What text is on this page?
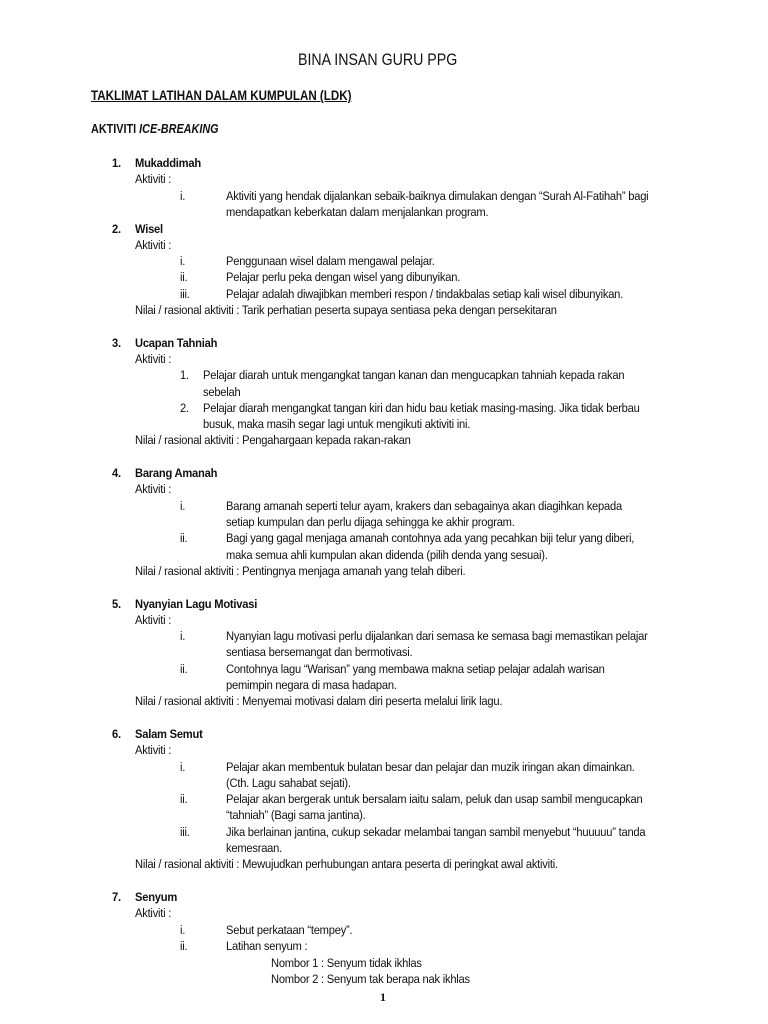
BINA INSAN GURU PPG
TAKLIMAT LATIHAN DALAM KUMPULAN (LDK)
AKTIVITI ICE-BREAKING
1. Mukaddimah
Aktiviti :
i.	Aktiviti yang hendak dijalankan sebaik-baiknya dimulakan dengan “Surah Al-Fatihah” bagi
mendapatkan keberkatan dalam menjalankan program.
2. Wisel
Aktiviti :
i.	Penggunaan wisel dalam mengawal pelajar.
ii.	Pelajar perlu peka dengan wisel yang dibunyikan.
iii.	Pelajar adalah diwajibkan memberi respon / tindakbalas setiap kali wisel dibunyikan.
Nilai / rasional aktiviti : Tarik perhatian peserta supaya sentiasa peka dengan persekitaran
3. Ucapan Tahniah
Aktiviti :
1. Pelajar diarah untuk mengangkat tangan kanan dan mengucapkan tahniah kepada rakan
sebelah
2. Pelajar diarah mengangkat tangan kiri dan hidu bau ketiak masing-masing. Jika tidak berbau
busuk, maka masih segar lagi untuk mengikuti aktiviti ini.
Nilai / rasional aktiviti : Pengahargaan kepada rakan-rakan
4. Barang Amanah
Aktiviti :
i.	Barang amanah seperti telur ayam, krakers dan sebagainya akan diagihkan kepada
setiap kumpulan dan perlu dijaga sehingga ke akhir program.
ii.	Bagi yang gagal menjaga amanah contohnya ada yang pecahkan biji telur yang diberi,
maka semua ahli kumpulan akan didenda (pilih denda yang sesuai).
Nilai / rasional aktiviti : Pentingnya menjaga amanah yang telah diberi.
5. Nyanyian Lagu Motivasi
Aktiviti :
i.	Nyanyian lagu motivasi perlu dijalankan dari semasa ke semasa bagi memastikan pelajar
sentiasa bersemangat dan bermotivasi.
ii.	Contohnya lagu “Warisan” yang membawa makna setiap pelajar adalah warisan
pemimpin negara di masa hadapan.
Nilai / rasional aktiviti : Menyemai motivasi dalam diri peserta melalui lirik lagu.
6. Salam Semut
Aktiviti :
i.	Pelajar akan membentuk bulatan besar dan pelajar dan muzik iringan akan dimainkan.
(Cth. Lagu sahabat sejati).
ii.	Pelajar akan bergerak untuk bersalam iaitu salam, peluk dan usap sambil mengucapkan
“tahniah” (Bagi sama jantina).
iii.	Jika berlainan jantina, cukup sekadar melambai tangan sambil menyebut “huuuuu” tanda
kemesraan.
Nilai / rasional aktiviti : Mewujudkan perhubungan antara peserta di peringkat awal aktiviti.
7. Senyum
Aktiviti :
i.	Sebut perkataan “tempey”.
ii.	Latihan senyum :
Nombor 1 : Senyum tidak ikhlas
Nombor 2 : Senyum tak berapa nak ikhlas
1
